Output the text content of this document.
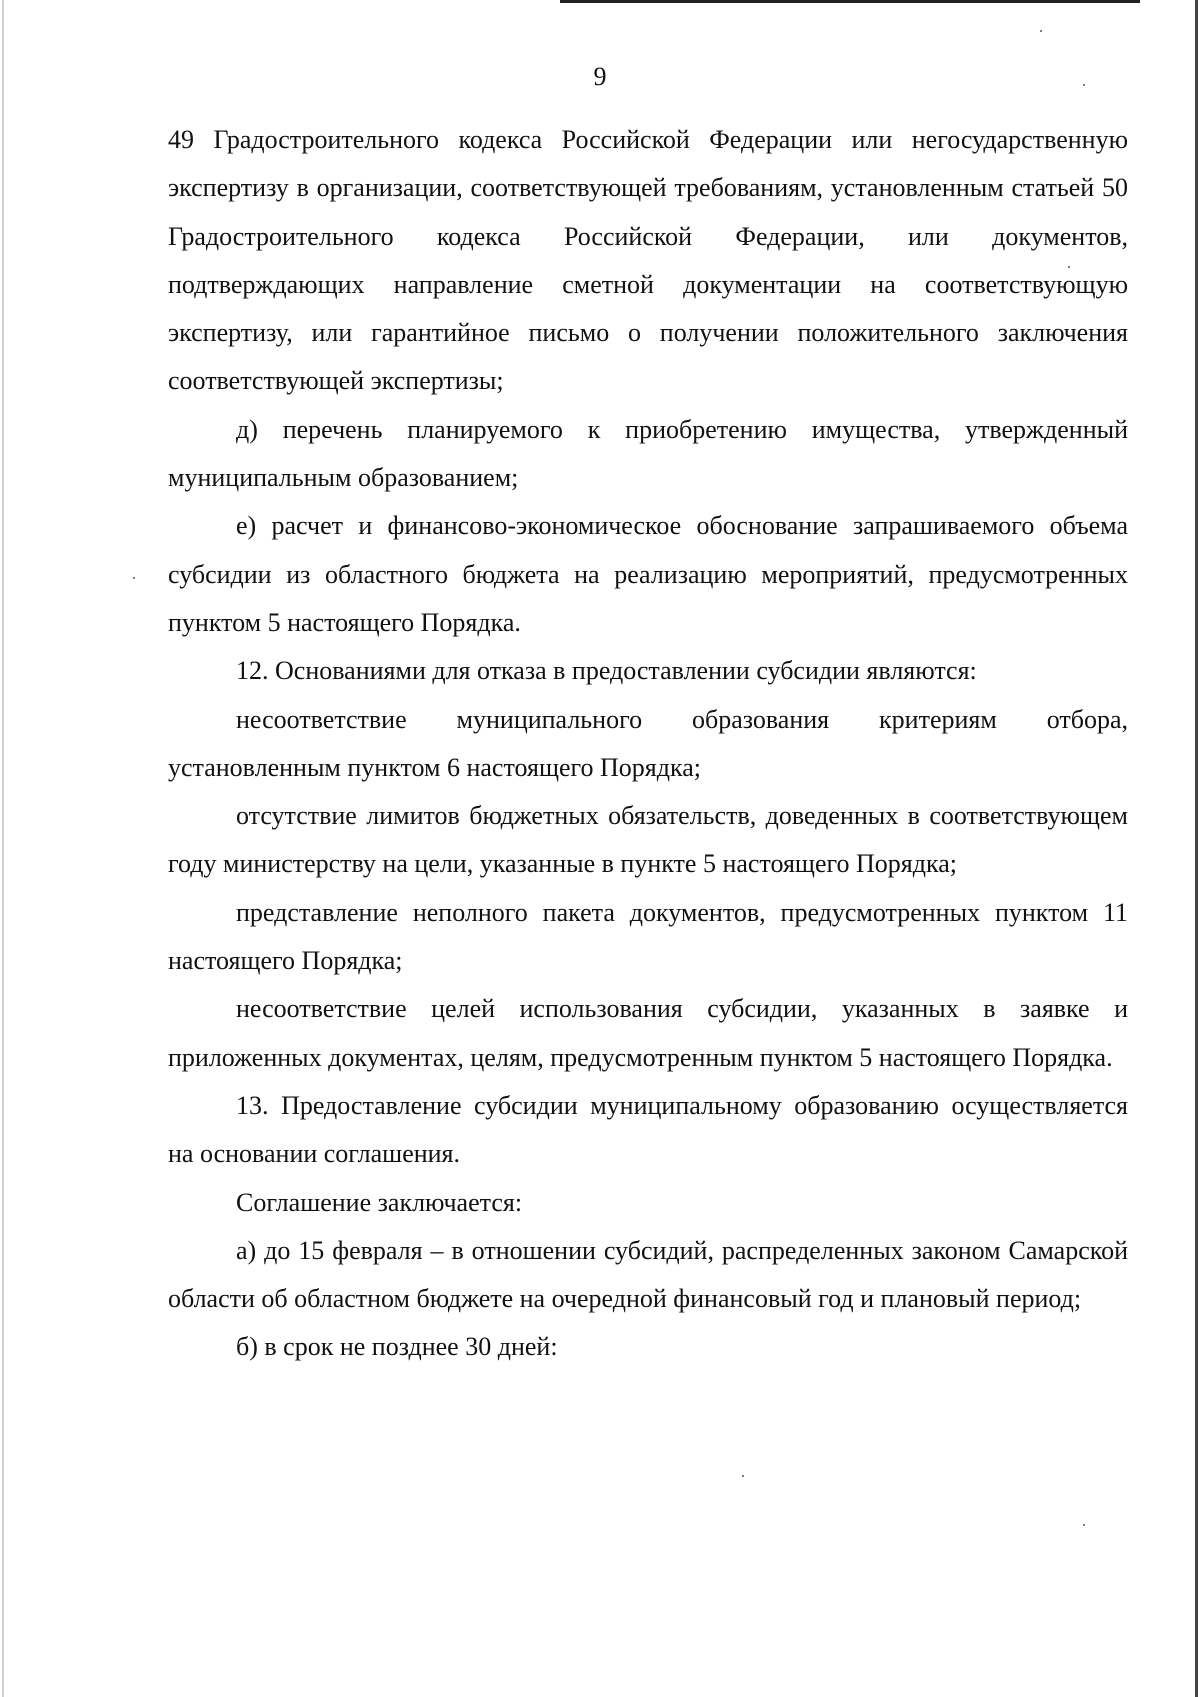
9

49 Градостроительного кодекса Российской Федерации или негосударственную экспертизу в организации, соответствующей требованиям, установленным статьей 50 Градостроительного кодекса Российской Федерации, или документов, подтверждающих направление сметной документации на соответствующую экспертизу, или гарантийное письмо о получении положительного заключения соответствующей экспертизы;

д) перечень планируемого к приобретению имущества, утвержденный муниципальным образованием;

е) расчет и финансово-экономическое обоснование запрашиваемого объема субсидии из областного бюджета на реализацию мероприятий, предусмотренных пунктом 5 настоящего Порядка.

12. Основаниями для отказа в предоставлении субсидии являются:

несоответствие муниципального образования критериям отбора, установленным пунктом 6 настоящего Порядка;

отсутствие лимитов бюджетных обязательств, доведенных в соответствующем году министерству на цели, указанные в пункте 5 настоящего Порядка;

представление неполного пакета документов, предусмотренных пунктом 11 настоящего Порядка;

несоответствие целей использования субсидии, указанных в заявке и приложенных документах, целям, предусмотренным пунктом 5 настоящего Порядка.

13. Предоставление субсидии муниципальному образованию осуществляется на основании соглашения.

Соглашение заключается:

а) до 15 февраля – в отношении субсидий, распределенных законом Самарской области об областном бюджете на очередной финансовый год и плановый период;

б) в срок не позднее 30 дней:
